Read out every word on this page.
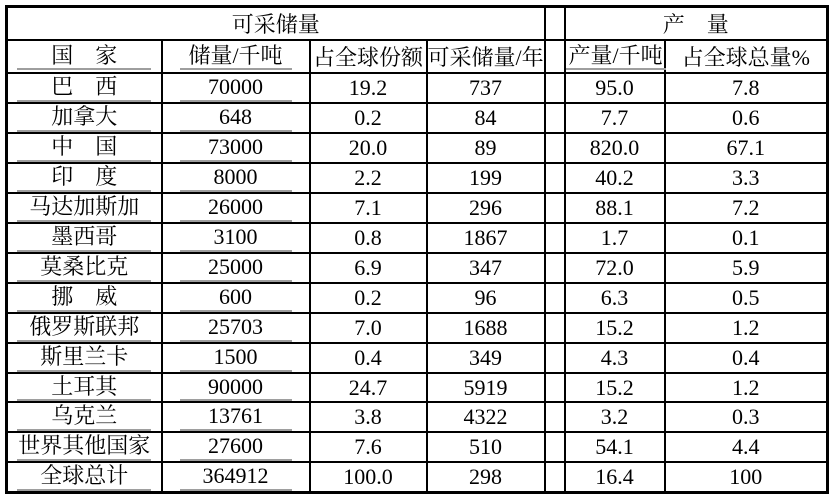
可采储量					产　量	
国　家	储量/千吨	占全球份额	可采储量/年		产量/千吨	占全球总量%
巴　西	70000	19.2	737		95.0	7.8
加拿大	648	0.2	84		7.7	0.6
中　国	73000	20.0	89		820.0	67.1
印　度	8000	2.2	199		40.2	3.3
马达加斯加	26000	7.1	296		88.1	7.2
墨西哥	3100	0.8	1867		1.7	0.1
莫桑比克	25000	6.9	347		72.0	5.9
挪　威	600	0.2	96		6.3	0.5
俄罗斯联邦	25703	7.0	1688		15.2	1.2
斯里兰卡	1500	0.4	349		4.3	0.4
土耳其	90000	24.7	5919		15.2	1.2
乌克兰	13761	3.8	4322		3.2	0.3
世界其他国家	27600	7.6	510		54.1	4.4
全球总计	364912	100.0	298		16.4	100
